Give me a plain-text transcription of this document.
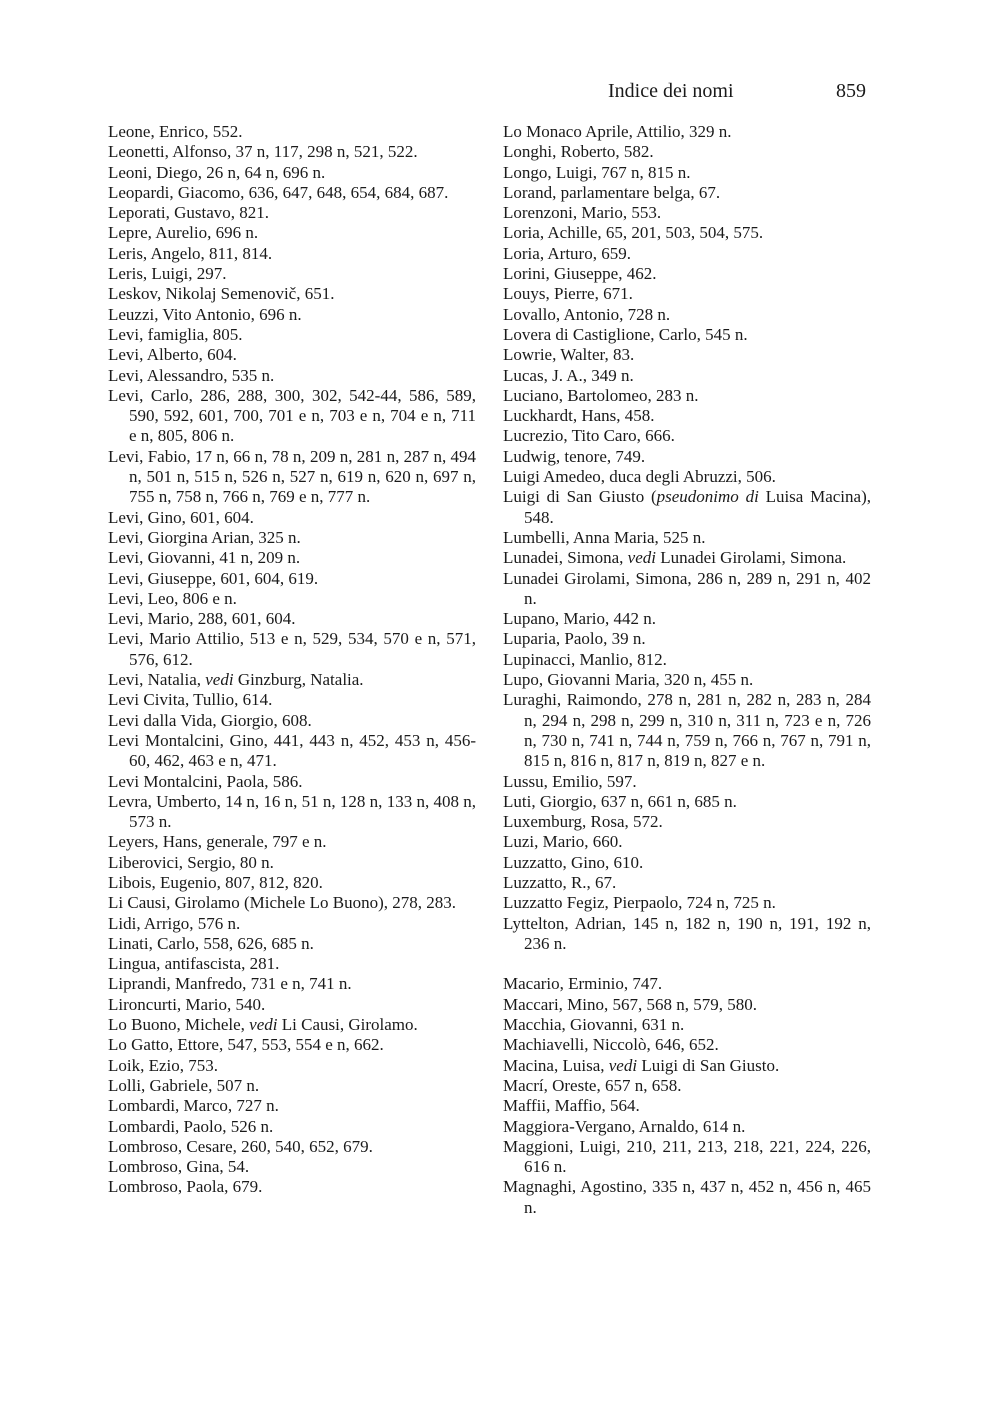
Indice dei nomi	859
Leone, Enrico, 552.
Leonetti, Alfonso, 37 n, 117, 298 n, 521, 522.
Leoni, Diego, 26 n, 64 n, 696 n.
Leopardi, Giacomo, 636, 647, 648, 654, 684, 687.
Leporati, Gustavo, 821.
Lepre, Aurelio, 696 n.
Leris, Angelo, 811, 814.
Leris, Luigi, 297.
Leskov, Nikolaj Semenovič, 651.
Leuzzi, Vito Antonio, 696 n.
Levi, famiglia, 805.
Levi, Alberto, 604.
Levi, Alessandro, 535 n.
Levi, Carlo, 286, 288, 300, 302, 542-44, 586, 589, 590, 592, 601, 700, 701 e n, 703 e n, 704 e n, 711 e n, 805, 806 n.
Levi, Fabio, 17 n, 66 n, 78 n, 209 n, 281 n, 287 n, 494 n, 501 n, 515 n, 526 n, 527 n, 619 n, 620 n, 697 n, 755 n, 758 n, 766 n, 769 e n, 777 n.
Levi, Gino, 601, 604.
Levi, Giorgina Arian, 325 n.
Levi, Giovanni, 41 n, 209 n.
Levi, Giuseppe, 601, 604, 619.
Levi, Leo, 806 e n.
Levi, Mario, 288, 601, 604.
Levi, Mario Attilio, 513 e n, 529, 534, 570 e n, 571, 576, 612.
Levi, Natalia, vedi Ginzburg, Natalia.
Levi Civita, Tullio, 614.
Levi dalla Vida, Giorgio, 608.
Levi Montalcini, Gino, 441, 443 n, 452, 453 n, 456-60, 462, 463 e n, 471.
Levi Montalcini, Paola, 586.
Levra, Umberto, 14 n, 16 n, 51 n, 128 n, 133 n, 408 n, 573 n.
Leyers, Hans, generale, 797 e n.
Liberovici, Sergio, 80 n.
Libois, Eugenio, 807, 812, 820.
Li Causi, Girolamo (Michele Lo Buono), 278, 283.
Lidi, Arrigo, 576 n.
Linati, Carlo, 558, 626, 685 n.
Lingua, antifascista, 281.
Liprandi, Manfredo, 731 e n, 741 n.
Lironcurti, Mario, 540.
Lo Buono, Michele, vedi Li Causi, Girolamo.
Lo Gatto, Ettore, 547, 553, 554 e n, 662.
Loik, Ezio, 753.
Lolli, Gabriele, 507 n.
Lombardi, Marco, 727 n.
Lombardi, Paolo, 526 n.
Lombroso, Cesare, 260, 540, 652, 679.
Lombroso, Gina, 54.
Lombroso, Paola, 679.
Lo Monaco Aprile, Attilio, 329 n.
Longhi, Roberto, 582.
Longo, Luigi, 767 n, 815 n.
Lorand, parlamentare belga, 67.
Lorenzoni, Mario, 553.
Loria, Achille, 65, 201, 503, 504, 575.
Loria, Arturo, 659.
Lorini, Giuseppe, 462.
Louys, Pierre, 671.
Lovallo, Antonio, 728 n.
Lovera di Castiglione, Carlo, 545 n.
Lowrie, Walter, 83.
Lucas, J. A., 349 n.
Luciano, Bartolomeo, 283 n.
Luckhardt, Hans, 458.
Lucrezio, Tito Caro, 666.
Ludwig, tenore, 749.
Luigi Amedeo, duca degli Abruzzi, 506.
Luigi di San Giusto (pseudonimo di Luisa Macina), 548.
Lumbelli, Anna Maria, 525 n.
Lunadei, Simona, vedi Lunadei Girolami, Simona.
Lunadei Girolami, Simona, 286 n, 289 n, 291 n, 402 n.
Lupano, Mario, 442 n.
Luparia, Paolo, 39 n.
Lupinacci, Manlio, 812.
Lupo, Giovanni Maria, 320 n, 455 n.
Luraghi, Raimondo, 278 n, 281 n, 282 n, 283 n, 284 n, 294 n, 298 n, 299 n, 310 n, 311 n, 723 e n, 726 n, 730 n, 741 n, 744 n, 759 n, 766 n, 767 n, 791 n, 815 n, 816 n, 817 n, 819 n, 827 e n.
Lussu, Emilio, 597.
Luti, Giorgio, 637 n, 661 n, 685 n.
Luxemburg, Rosa, 572.
Luzi, Mario, 660.
Luzzatto, Gino, 610.
Luzzatto, R., 67.
Luzzatto Fegiz, Pierpaolo, 724 n, 725 n.
Lyttelton, Adrian, 145 n, 182 n, 190 n, 191, 192 n, 236 n.
Macario, Erminio, 747.
Maccari, Mino, 567, 568 n, 579, 580.
Macchia, Giovanni, 631 n.
Machiavelli, Niccolò, 646, 652.
Macina, Luisa, vedi Luigi di San Giusto.
Macrí, Oreste, 657 n, 658.
Maffii, Maffio, 564.
Maggiora-Vergano, Arnaldo, 614 n.
Maggioni, Luigi, 210, 211, 213, 218, 221, 224, 226, 616 n.
Magnaghi, Agostino, 335 n, 437 n, 452 n, 456 n, 465 n.
